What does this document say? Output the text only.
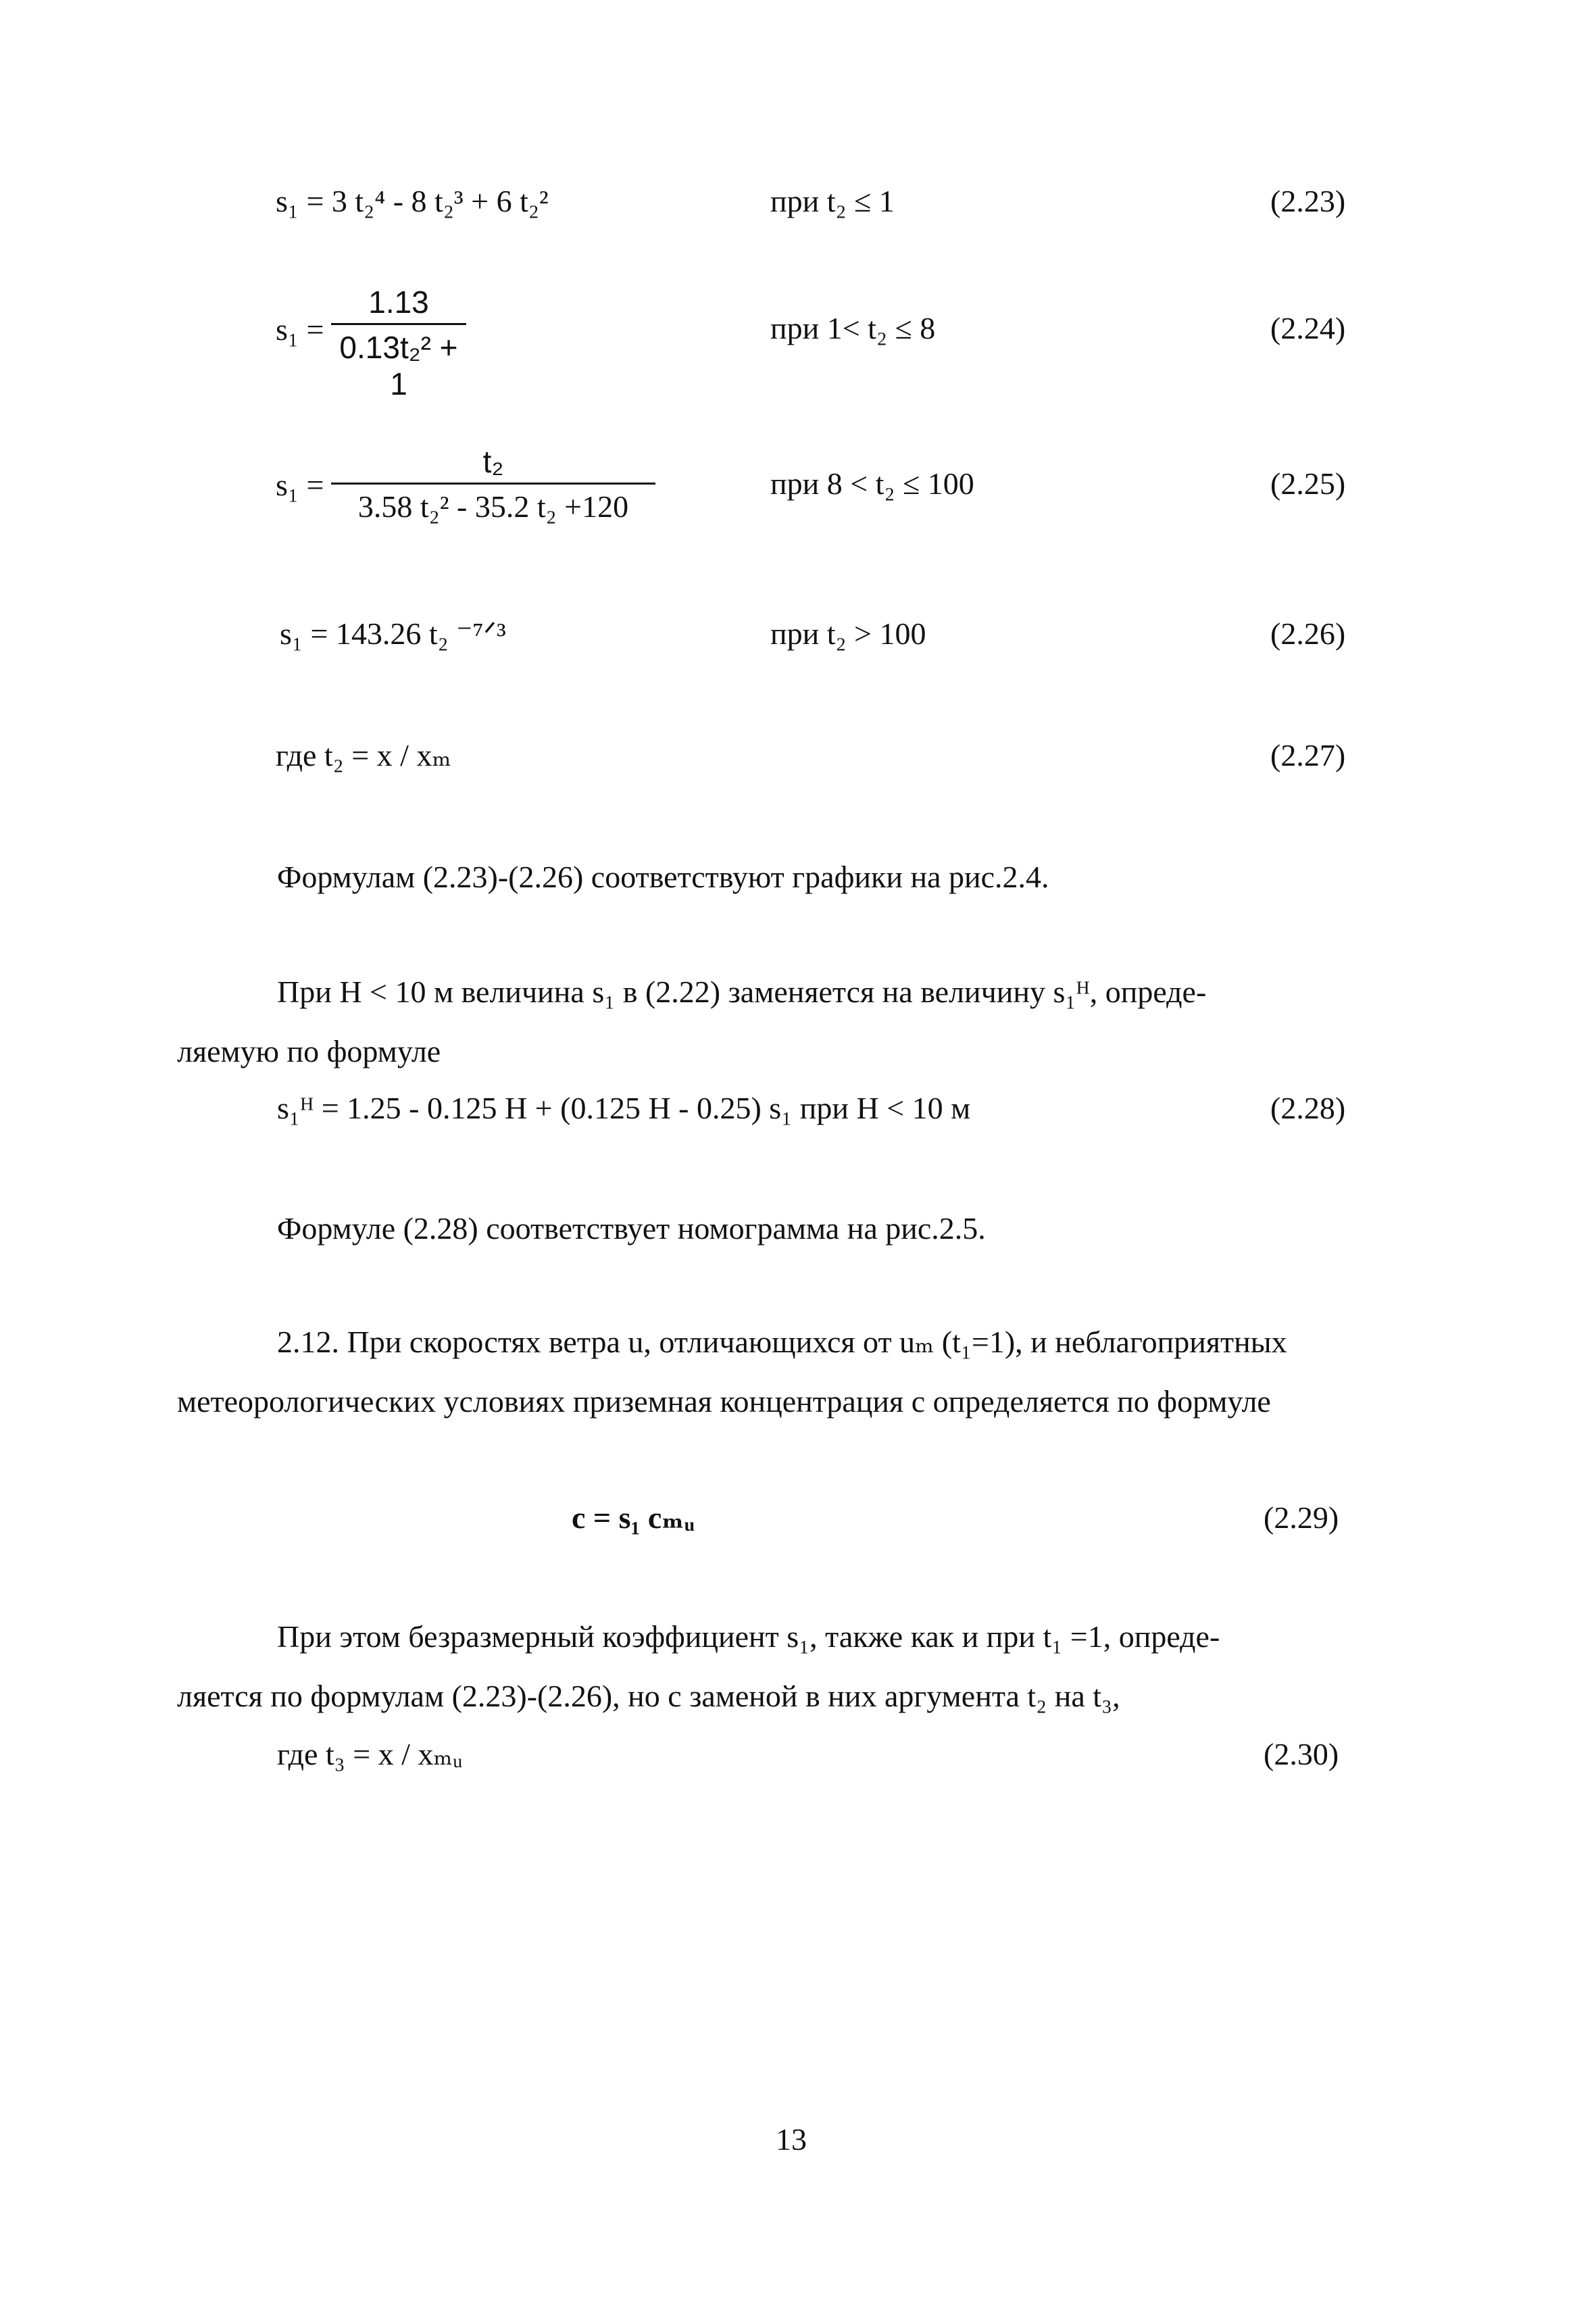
s₁ = 3 t₂⁴ - 8 t₂³ + 6 t₂²	при t₂ ≤ 1	(2.23)
$s_1 = \frac{1.13}{\text{0.13t₂² + 1}}$	при 1< t₂ ≤ 8	(2.24)
$s_1 = \frac{\text{t₂}}{\text{3.58 t₂² - 35.2 t₂ +120}}$	при 8 < t₂ ≤ 100	(2.25)
s₁ = 143.26 t₂ ⁻⁷ᐟ³	при t₂ > 100	(2.26)
где t₂ = x / xₘ	(2.27)
Формулам (2.23)-(2.26) соответствуют графики на рис.2.4.
При H < 10 м величина s₁ в (2.22) заменяется на величину s₁ᴴ, опреде-
ляемую по формуле
s₁ᴴ = 1.25 - 0.125 H + (0.125 H - 0.25) s₁ при H < 10 м	(2.28)
Формуле (2.28) соответствует номограмма на рис.2.5.
2.12. При скоростях ветра u, отличающихся от uₘ (t₁=1), и неблагоприятных
метеорологических условиях приземная концентрация c определяется по формуле
c = s₁ cₘᵤ	(2.29)
При этом безразмерный коэффициент s₁, также как и при t₁ =1, опреде-
ляется по формулам (2.23)-(2.26), но с заменой в них аргумента t₂ на t₃,
где t₃ = x / xₘᵤ	(2.30)
13
